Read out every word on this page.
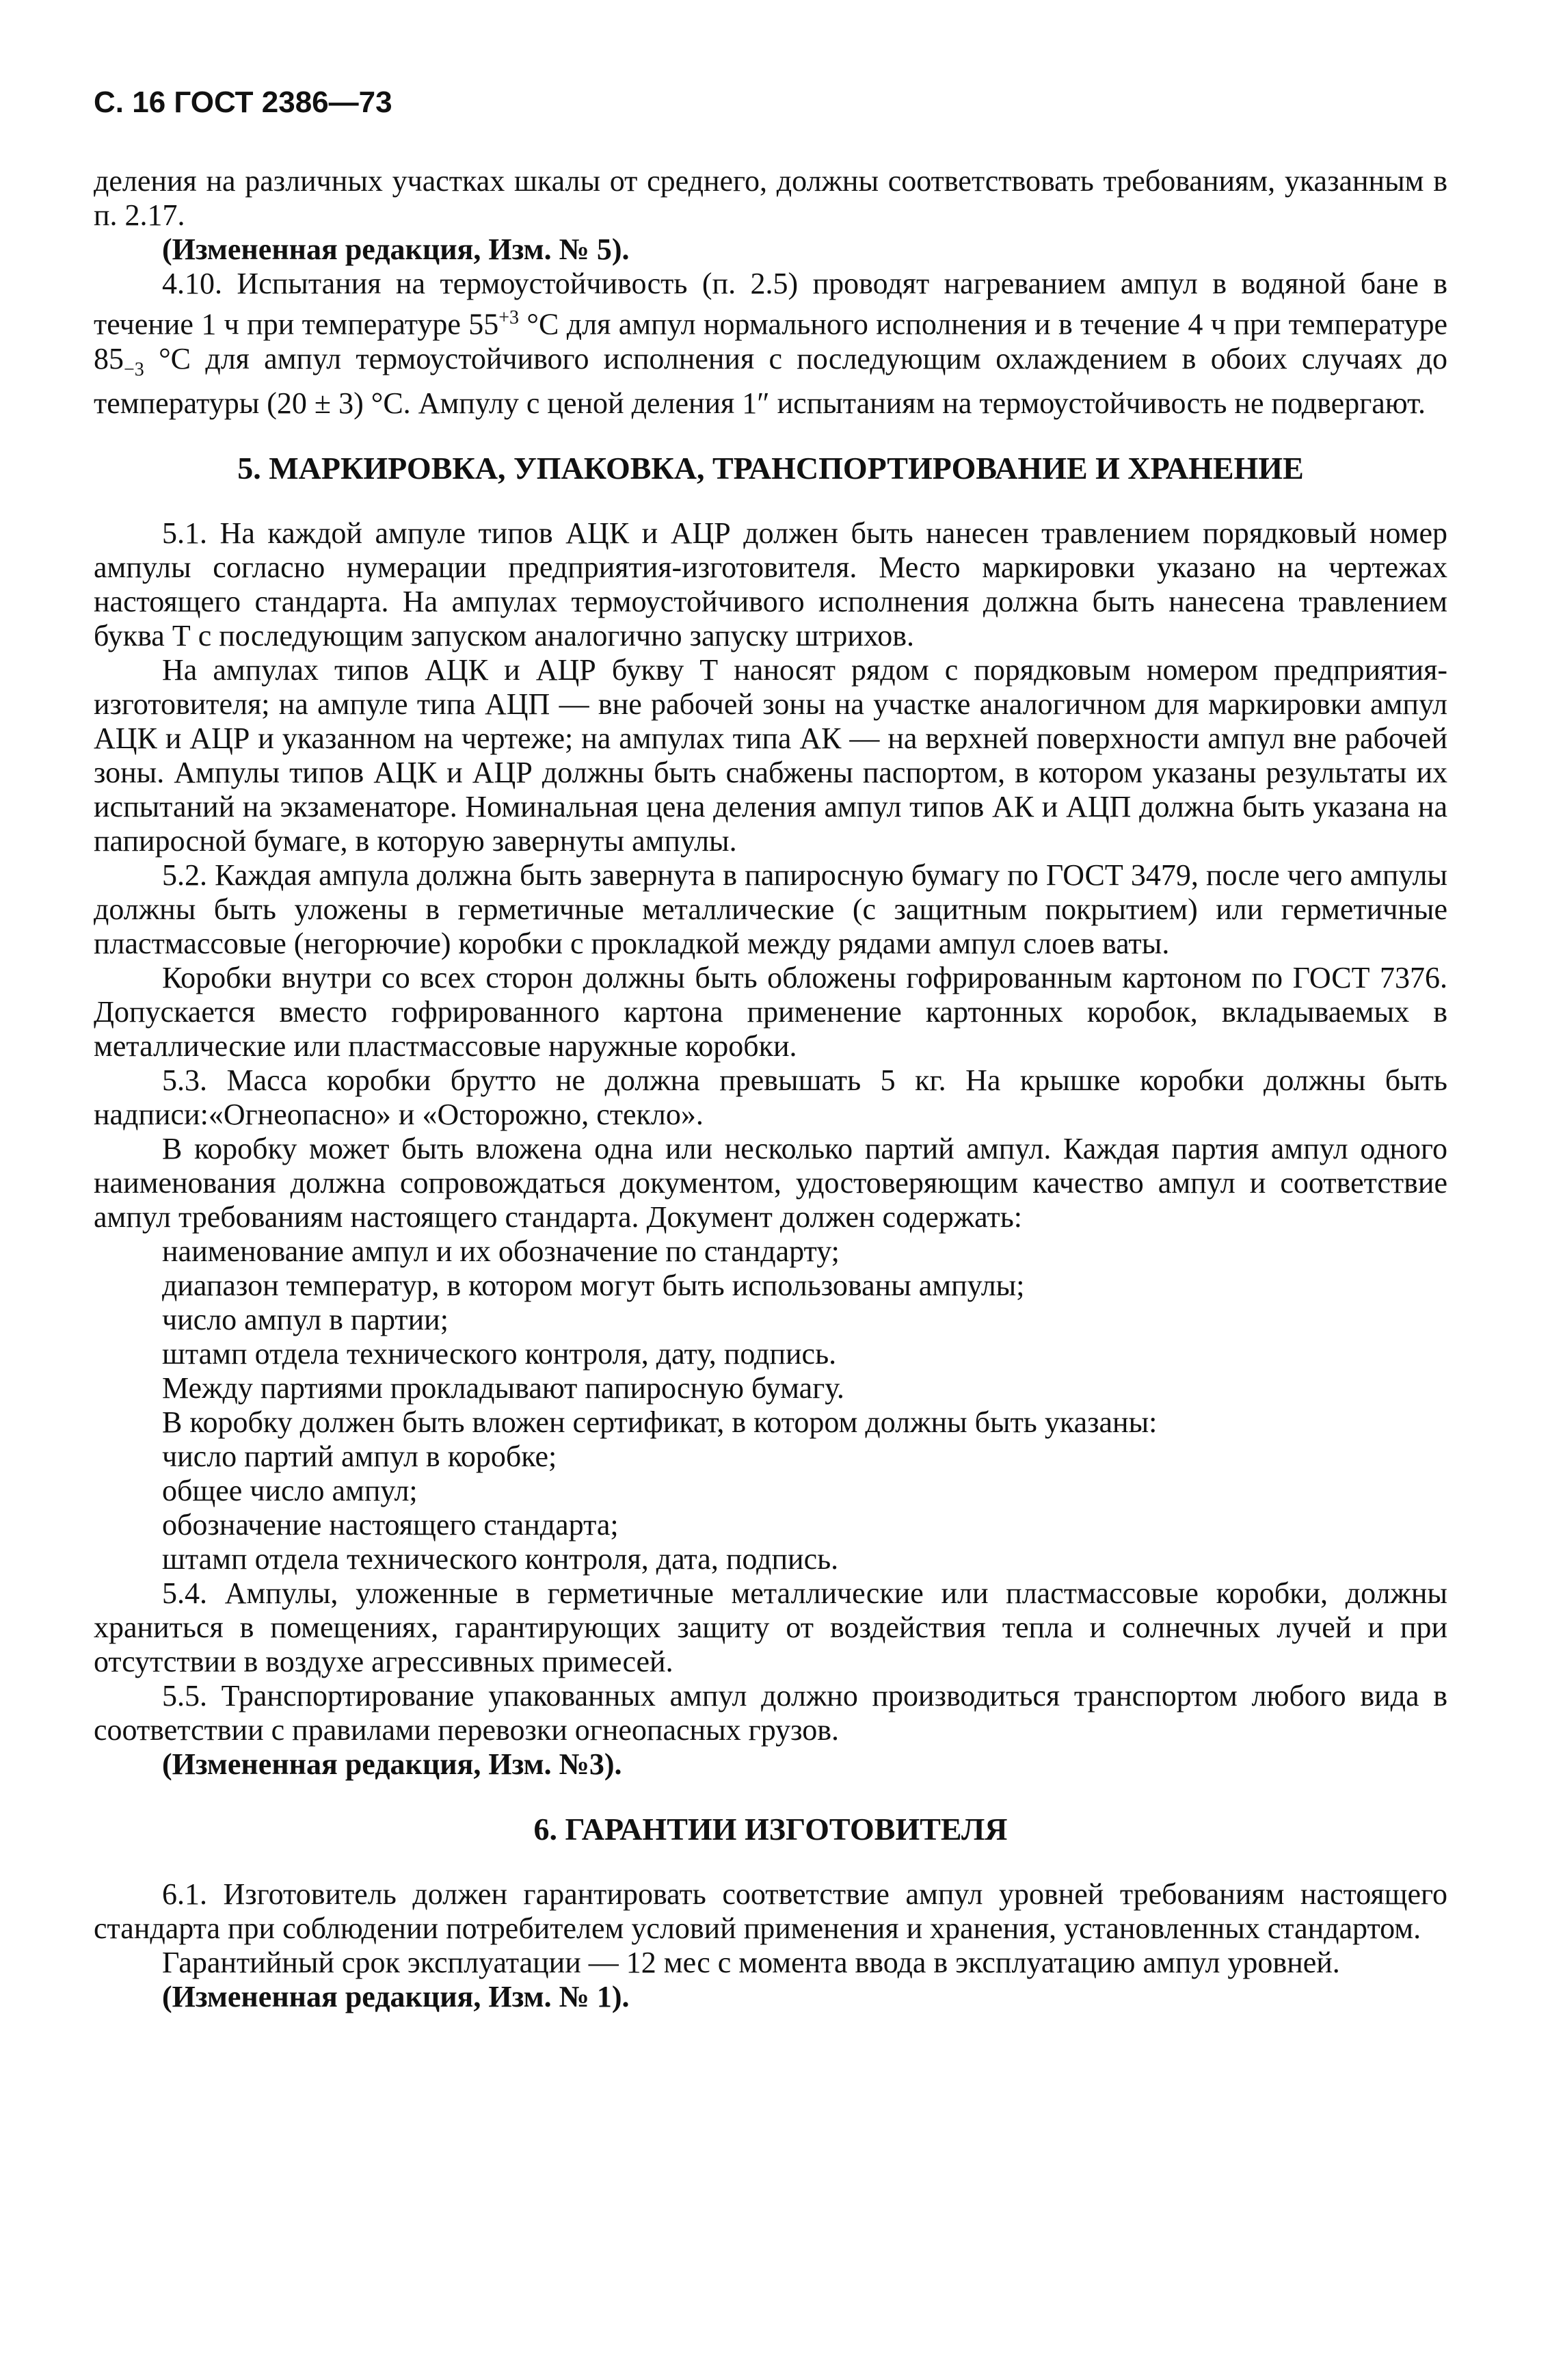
С. 16 ГОСТ 2386—73

деления на различных участках шкалы от среднего, должны соответствовать требованиям, указанным в п. 2.17.

(Измененная редакция, Изм. № 5).

4.10. Испытания на термоустойчивость (п. 2.5) проводят нагреванием ампул в водяной бане в течение 1 ч при температуре $55^{+3}$ °С для ампул нормального исполнения и в течение 4 ч при температуре $85_{-3}$ °С для ампул термоустойчивого исполнения с последующим охлаждением в обоих случаях до температуры (20 ± 3) °С. Ампулу с ценой деления 1″ испытаниям на термоустойчивость не подвергают.

5. МАРКИРОВКА, УПАКОВКА, ТРАНСПОРТИРОВАНИЕ И ХРАНЕНИЕ

5.1. На каждой ампуле типов АЦК и АЦР должен быть нанесен травлением порядковый номер ампулы согласно нумерации предприятия-изготовителя. Место маркировки указано на чертежах настоящего стандарта. На ампулах термоустойчивого исполнения должна быть нанесена травлением буква Т с последующим запуском аналогично запуску штрихов.

На ампулах типов АЦК и АЦР букву Т наносят рядом с порядковым номером предприятия-изготовителя; на ампуле типа АЦП — вне рабочей зоны на участке аналогичном для маркировки ампул АЦК и АЦР и указанном на чертеже; на ампулах типа АК — на верхней поверхности ампул вне рабочей зоны. Ампулы типов АЦК и АЦР должны быть снабжены паспортом, в котором указаны результаты их испытаний на экзаменаторе. Номинальная цена деления ампул типов АК и АЦП должна быть указана на папиросной бумаге, в которую завернуты ампулы.

5.2. Каждая ампула должна быть завернута в папиросную бумагу по ГОСТ 3479, после чего ампулы должны быть уложены в герметичные металлические (с защитным покрытием) или герметичные пластмассовые (негорючие) коробки с прокладкой между рядами ампул слоев ваты.

Коробки внутри со всех сторон должны быть обложены гофрированным картоном по ГОСТ 7376. Допускается вместо гофрированного картона применение картонных коробок, вкладываемых в металлические или пластмассовые наружные коробки.

5.3. Масса коробки брутто не должна превышать 5 кг. На крышке коробки должны быть надписи:«Огнеопасно» и «Осторожно, стекло».

В коробку может быть вложена одна или несколько партий ампул. Каждая партия ампул одного наименования должна сопровождаться документом, удостоверяющим качество ампул и соответствие ампул требованиям настоящего стандарта. Документ должен содержать:

наименование ампул и их обозначение по стандарту;

диапазон температур, в котором могут быть использованы ампулы;

число ампул в партии;

штамп отдела технического контроля, дату, подпись.

Между партиями прокладывают папиросную бумагу.

В коробку должен быть вложен сертификат, в котором должны быть указаны:

число партий ампул в коробке;

общее число ампул;

обозначение настоящего стандарта;

штамп отдела технического контроля, дата, подпись.

5.4. Ампулы, уложенные в герметичные металлические или пластмассовые коробки, должны храниться в помещениях, гарантирующих защиту от воздействия тепла и солнечных лучей и при отсутствии в воздухе агрессивных примесей.

5.5. Транспортирование упакованных ампул должно производиться транспортом любого вида в соответствии с правилами перевозки огнеопасных грузов.

(Измененная редакция, Изм. №3).

6. ГАРАНТИИ ИЗГОТОВИТЕЛЯ

6.1. Изготовитель должен гарантировать соответствие ампул уровней требованиям настоящего стандарта при соблюдении потребителем условий применения и хранения, установленных стандартом.

Гарантийный срок эксплуатации — 12 мес с момента ввода в эксплуатацию ампул уровней.

(Измененная редакция, Изм. № 1).
